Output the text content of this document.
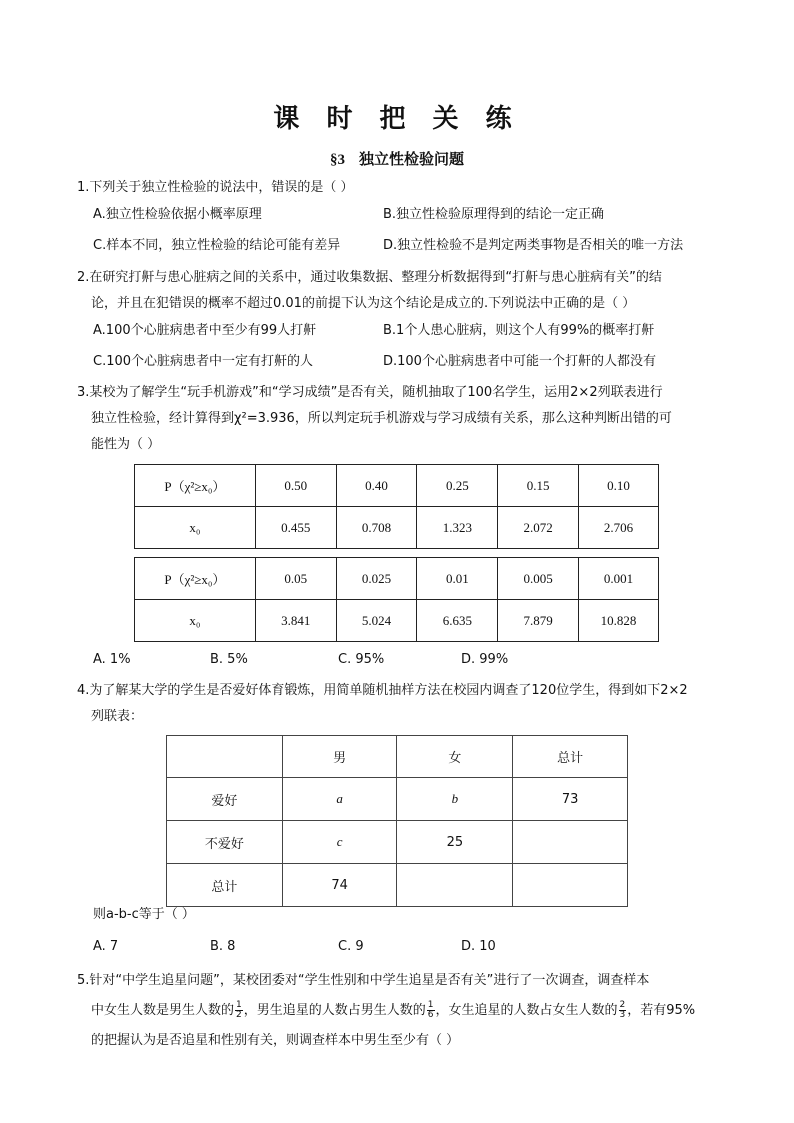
课 时 把 关 练
§3 独立性检验问题
1.下列关于独立性检验的说法中，错误的是（ ）
A.独立性检验依据小概率原理	B.独立性检验原理得到的结论一定正确
C.样本不同，独立性检验的结论可能有差异	D.独立性检验不是判定两类事物是否相关的唯一方法
2.在研究打鼾与患心脏病之间的关系中，通过收集数据、整理分析数据得到“打鼾与患心脏病有关”的结
论，并且在犯错误的概率不超过0.01的前提下认为这个结论是成立的.下列说法中正确的是（ ）
A.100个心脏病患者中至少有99人打鼾	B.1个人患心脏病，则这个人有99%的概率打鼾
C.100个心脏病患者中一定有打鼾的人	D.100个心脏病患者中可能一个打鼾的人都没有
3.某校为了解学生“玩手机游戏”和“学习成绩”是否有关，随机抽取了100名学生，运用2×2列联表进行
独立性检验，经计算得到χ²=3.936，所以判定玩手机游戏与学习成绩有关系，那么这种判断出错的可
能性为（ ）
P（χ²≥x₀）	0.50	0.40	0.25	0.15	0.10
x₀	0.455	0.708	1.323	2.072	2.706

P（χ²≥x₀）	0.05	0.025	0.01	0.005	0.001
x₀	3.841	5.024	6.635	7.879	10.828
A. 1%	B. 5%	C. 95%	D. 99%
4.为了解某大学的学生是否爱好体育锻炼，用简单随机抽样方法在校园内调查了120位学生，得到如下2×2
列联表：
	男	女	总计
爱好	a	b	73
不爱好	c	25	
总计	74		
则a-b-c等于（ ）
A. 7	B. 8	C. 9	D. 10
5.针对“中学生追星问题”，某校团委对“学生性别和中学生追星是否有关”进行了一次调查，调查样本
中女生人数是男生人数的 $\frac{1}{2}$ ，男生追星的人数占男生人数的 $\frac{1}{6}$ ，女生追星的人数占女生人数的 $\frac{2}{3}$ ，若有95%
的把握认为是否追星和性别有关，则调查样本中男生至少有（ ）
